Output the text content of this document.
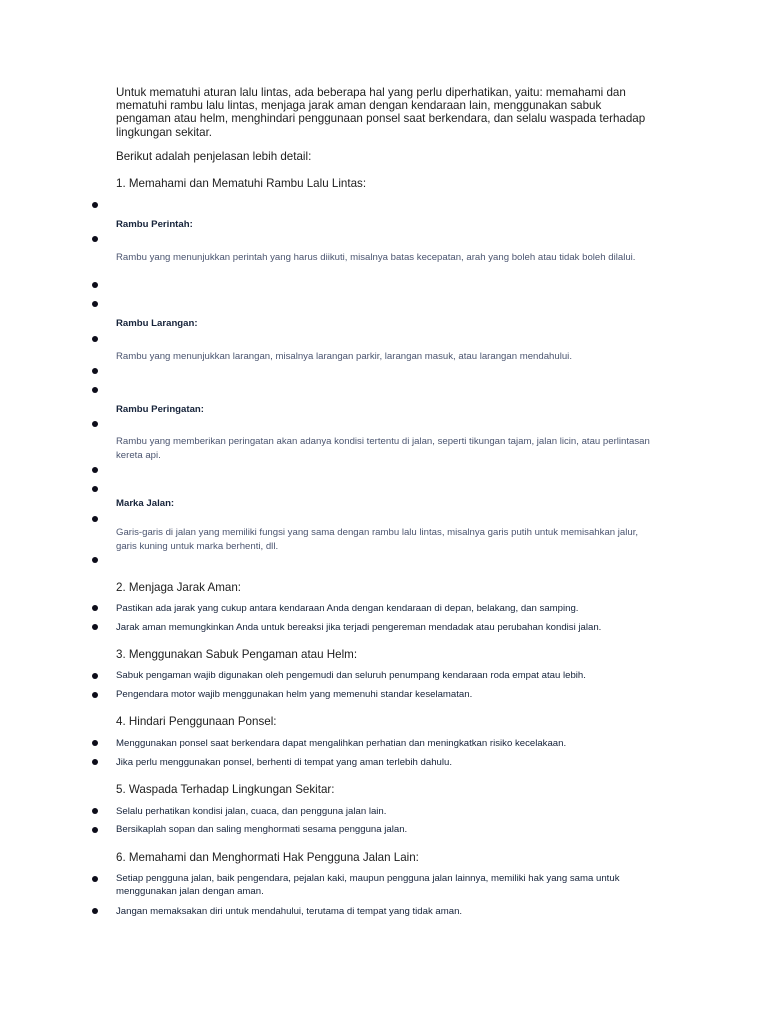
Untuk mematuhi aturan lalu lintas, ada beberapa hal yang perlu diperhatikan, yaitu: memahami dan mematuhi rambu lalu lintas, menjaga jarak aman dengan kendaraan lain, menggunakan sabuk pengaman atau helm, menghindari penggunaan ponsel saat berkendara, dan selalu waspada terhadap lingkungan sekitar.
Berikut adalah penjelasan lebih detail:
1. Memahami dan Mematuhi Rambu Lalu Lintas:
Rambu Perintah:
Rambu yang menunjukkan perintah yang harus diikuti, misalnya batas kecepatan, arah yang boleh atau tidak boleh dilalui.
Rambu Larangan:
Rambu yang menunjukkan larangan, misalnya larangan parkir, larangan masuk, atau larangan mendahului.
Rambu Peringatan:
Rambu yang memberikan peringatan akan adanya kondisi tertentu di jalan, seperti tikungan tajam, jalan licin, atau perlintasan kereta api.
Marka Jalan:
Garis-garis di jalan yang memiliki fungsi yang sama dengan rambu lalu lintas, misalnya garis putih untuk memisahkan jalur, garis kuning untuk marka berhenti, dll.
2. Menjaga Jarak Aman:
Pastikan ada jarak yang cukup antara kendaraan Anda dengan kendaraan di depan, belakang, dan samping.
Jarak aman memungkinkan Anda untuk bereaksi jika terjadi pengereman mendadak atau perubahan kondisi jalan.
3. Menggunakan Sabuk Pengaman atau Helm:
Sabuk pengaman wajib digunakan oleh pengemudi dan seluruh penumpang kendaraan roda empat atau lebih.
Pengendara motor wajib menggunakan helm yang memenuhi standar keselamatan.
4. Hindari Penggunaan Ponsel:
Menggunakan ponsel saat berkendara dapat mengalihkan perhatian dan meningkatkan risiko kecelakaan.
Jika perlu menggunakan ponsel, berhenti di tempat yang aman terlebih dahulu.
5. Waspada Terhadap Lingkungan Sekitar:
Selalu perhatikan kondisi jalan, cuaca, dan pengguna jalan lain.
Bersikaplah sopan dan saling menghormati sesama pengguna jalan.
6. Memahami dan Menghormati Hak Pengguna Jalan Lain:
Setiap pengguna jalan, baik pengendara, pejalan kaki, maupun pengguna jalan lainnya, memiliki hak yang sama untuk menggunakan jalan dengan aman.
Jangan memaksakan diri untuk mendahului, terutama di tempat yang tidak aman.
